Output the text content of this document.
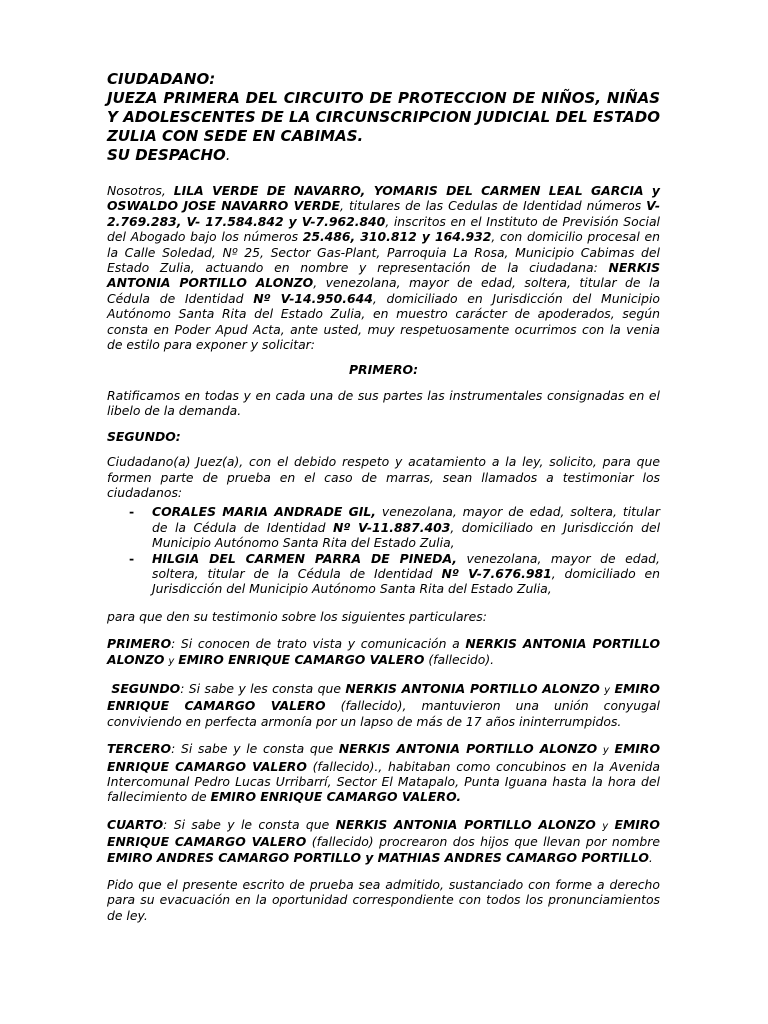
CIUDADANO:
JUEZA PRIMERA DEL CIRCUITO DE PROTECCION DE NIÑOS, NIÑAS Y ADOLESCENTES DE LA CIRCUNSCRIPCION JUDICIAL DEL ESTADO ZULIA CON SEDE EN CABIMAS.
SU DESPACHO.

Nosotros, LILA VERDE DE NAVARRO, YOMARIS DEL CARMEN LEAL GARCIA y OSWALDO JOSE NAVARRO VERDE, titulares de las Cedulas de Identidad números V- 2.769.283, V- 17.584.842 y V-7.962.840, inscritos en el Instituto de Previsión Social del Abogado bajo los números 25.486, 310.812 y 164.932, con domicilio procesal en la Calle Soledad, Nº 25, Sector Gas-Plant, Parroquia La Rosa, Municipio Cabimas del Estado Zulia, actuando en nombre y representación de la ciudadana: NERKIS ANTONIA PORTILLO ALONZO, venezolana, mayor de edad, soltera, titular de la Cédula de Identidad Nº V-14.950.644, domiciliado en Jurisdicción del Municipio Autónomo Santa Rita del Estado Zulia, en muestro carácter de apoderados, según consta en Poder Apud Acta, ante usted, muy respetuosamente ocurrimos con la venia de estilo para exponer y solicitar:

PRIMERO:

Ratificamos en todas y en cada una de sus partes las instrumentales consignadas en el libelo de la demanda.

SEGUNDO:

Ciudadano(a) Juez(a), con el debido respeto y acatamiento a la ley, solicito, para que formen parte de prueba en el caso de marras, sean llamados a testimoniar los ciudadanos:

- CORALES MARIA ANDRADE GIL, venezolana, mayor de edad, soltera, titular de la Cédula de Identidad Nº V-11.887.403, domiciliado en Jurisdicción del Municipio Autónomo Santa Rita del Estado Zulia,
- HILGIA DEL CARMEN PARRA DE PINEDA, venezolana, mayor de edad, soltera, titular de la Cédula de Identidad Nº V-7.676.981, domiciliado en Jurisdicción del Municipio Autónomo Santa Rita del Estado Zulia,

para que den su testimonio sobre los siguientes particulares:

PRIMERO: Si conocen de trato vista y comunicación a NERKIS ANTONIA PORTILLO ALONZO y EMIRO ENRIQUE CAMARGO VALERO (fallecido).

SEGUNDO: Si sabe y les consta que NERKIS ANTONIA PORTILLO ALONZO y EMIRO ENRIQUE CAMARGO VALERO (fallecido), mantuvieron una unión conyugal conviviendo en perfecta armonía por un lapso de más de 17 años ininterrumpidos.

TERCERO: Si sabe y le consta que NERKIS ANTONIA PORTILLO ALONZO y EMIRO ENRIQUE CAMARGO VALERO (fallecido)., habitaban como concubinos en la Avenida Intercomunal Pedro Lucas Urribarrí, Sector El Matapalo, Punta Iguana hasta la hora del fallecimiento de EMIRO ENRIQUE CAMARGO VALERO.

CUARTO: Si sabe y le consta que NERKIS ANTONIA PORTILLO ALONZO y EMIRO ENRIQUE CAMARGO VALERO (fallecido) procrearon dos hijos que llevan por nombre EMIRO ANDRES CAMARGO PORTILLO y MATHIAS ANDRES CAMARGO PORTILLO.

Pido que el presente escrito de prueba sea admitido, sustanciado con forme a derecho para su evacuación en la oportunidad correspondiente con todos los pronunciamientos de ley.
